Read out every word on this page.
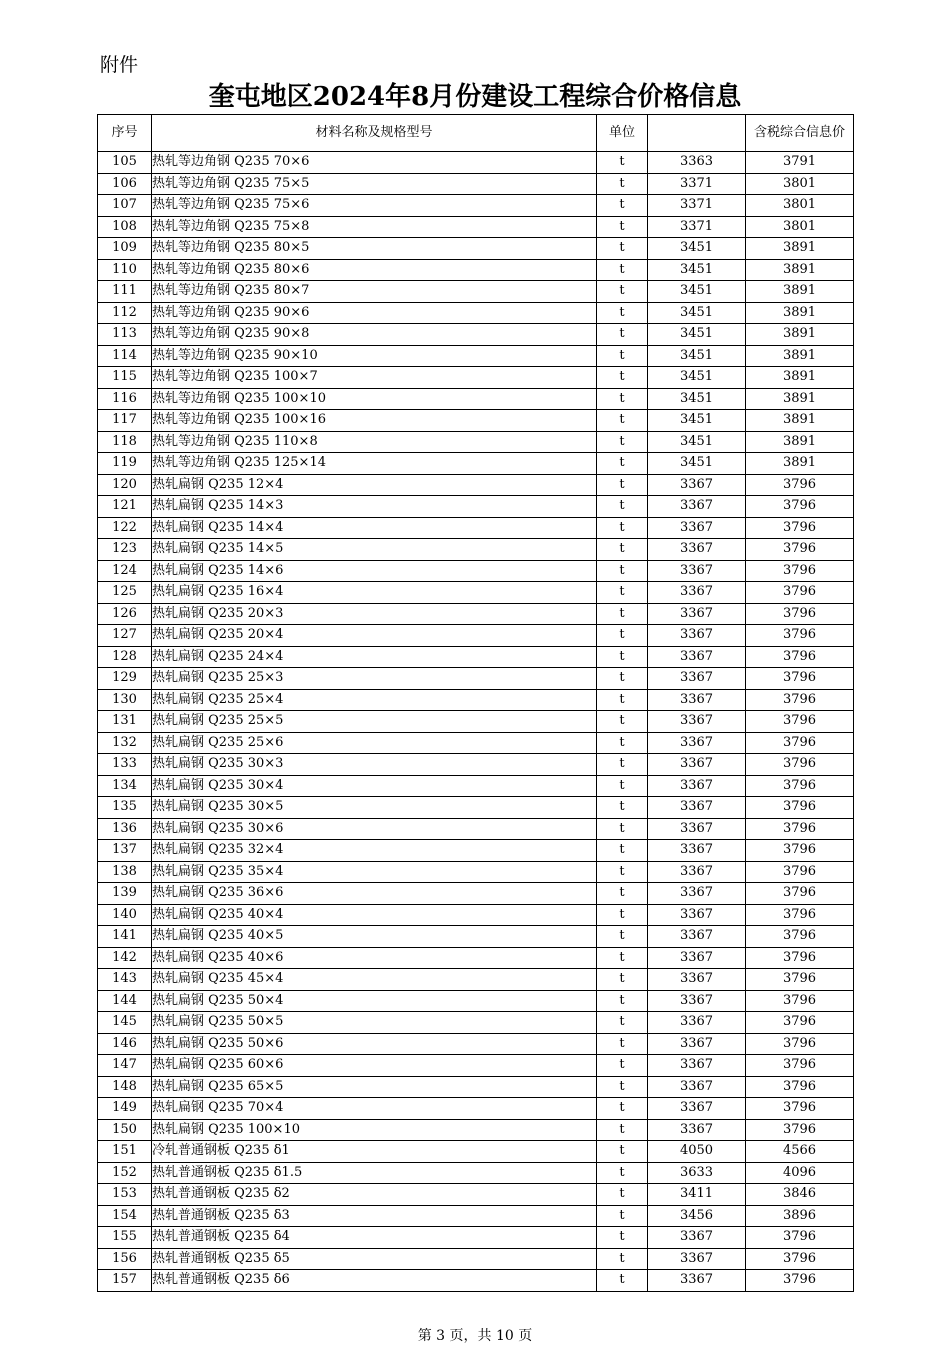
附件
奎屯地区2024年8月份建设工程综合价格信息
序号	材料名称及规格型号	单位		含税综合信息价
105	热轧等边角钢 Q235 70×6	t	3363	3791
106	热轧等边角钢 Q235 75×5	t	3371	3801
107	热轧等边角钢 Q235 75×6	t	3371	3801
108	热轧等边角钢 Q235 75×8	t	3371	3801
109	热轧等边角钢 Q235 80×5	t	3451	3891
110	热轧等边角钢 Q235 80×6	t	3451	3891
111	热轧等边角钢 Q235 80×7	t	3451	3891
112	热轧等边角钢 Q235 90×6	t	3451	3891
113	热轧等边角钢 Q235 90×8	t	3451	3891
114	热轧等边角钢 Q235 90×10	t	3451	3891
115	热轧等边角钢 Q235 100×7	t	3451	3891
116	热轧等边角钢 Q235 100×10	t	3451	3891
117	热轧等边角钢 Q235 100×16	t	3451	3891
118	热轧等边角钢 Q235 110×8	t	3451	3891
119	热轧等边角钢 Q235 125×14	t	3451	3891
120	热轧扁钢 Q235 12×4	t	3367	3796
121	热轧扁钢 Q235 14×3	t	3367	3796
122	热轧扁钢 Q235 14×4	t	3367	3796
123	热轧扁钢 Q235 14×5	t	3367	3796
124	热轧扁钢 Q235 14×6	t	3367	3796
125	热轧扁钢 Q235 16×4	t	3367	3796
126	热轧扁钢 Q235 20×3	t	3367	3796
127	热轧扁钢 Q235 20×4	t	3367	3796
128	热轧扁钢 Q235 24×4	t	3367	3796
129	热轧扁钢 Q235 25×3	t	3367	3796
130	热轧扁钢 Q235 25×4	t	3367	3796
131	热轧扁钢 Q235 25×5	t	3367	3796
132	热轧扁钢 Q235 25×6	t	3367	3796
133	热轧扁钢 Q235 30×3	t	3367	3796
134	热轧扁钢 Q235 30×4	t	3367	3796
135	热轧扁钢 Q235 30×5	t	3367	3796
136	热轧扁钢 Q235 30×6	t	3367	3796
137	热轧扁钢 Q235 32×4	t	3367	3796
138	热轧扁钢 Q235 35×4	t	3367	3796
139	热轧扁钢 Q235 36×6	t	3367	3796
140	热轧扁钢 Q235 40×4	t	3367	3796
141	热轧扁钢 Q235 40×5	t	3367	3796
142	热轧扁钢 Q235 40×6	t	3367	3796
143	热轧扁钢 Q235 45×4	t	3367	3796
144	热轧扁钢 Q235 50×4	t	3367	3796
145	热轧扁钢 Q235 50×5	t	3367	3796
146	热轧扁钢 Q235 50×6	t	3367	3796
147	热轧扁钢 Q235 60×6	t	3367	3796
148	热轧扁钢 Q235 65×5	t	3367	3796
149	热轧扁钢 Q235 70×4	t	3367	3796
150	热轧扁钢 Q235 100×10	t	3367	3796
151	冷轧普通钢板 Q235 δ1	t	4050	4566
152	热轧普通钢板 Q235 δ1.5	t	3633	4096
153	热轧普通钢板 Q235 δ2	t	3411	3846
154	热轧普通钢板 Q235 δ3	t	3456	3896
155	热轧普通钢板 Q235 δ4	t	3367	3796
156	热轧普通钢板 Q235 δ5	t	3367	3796
157	热轧普通钢板 Q235 δ6	t	3367	3796
第 3 页，共 10 页
